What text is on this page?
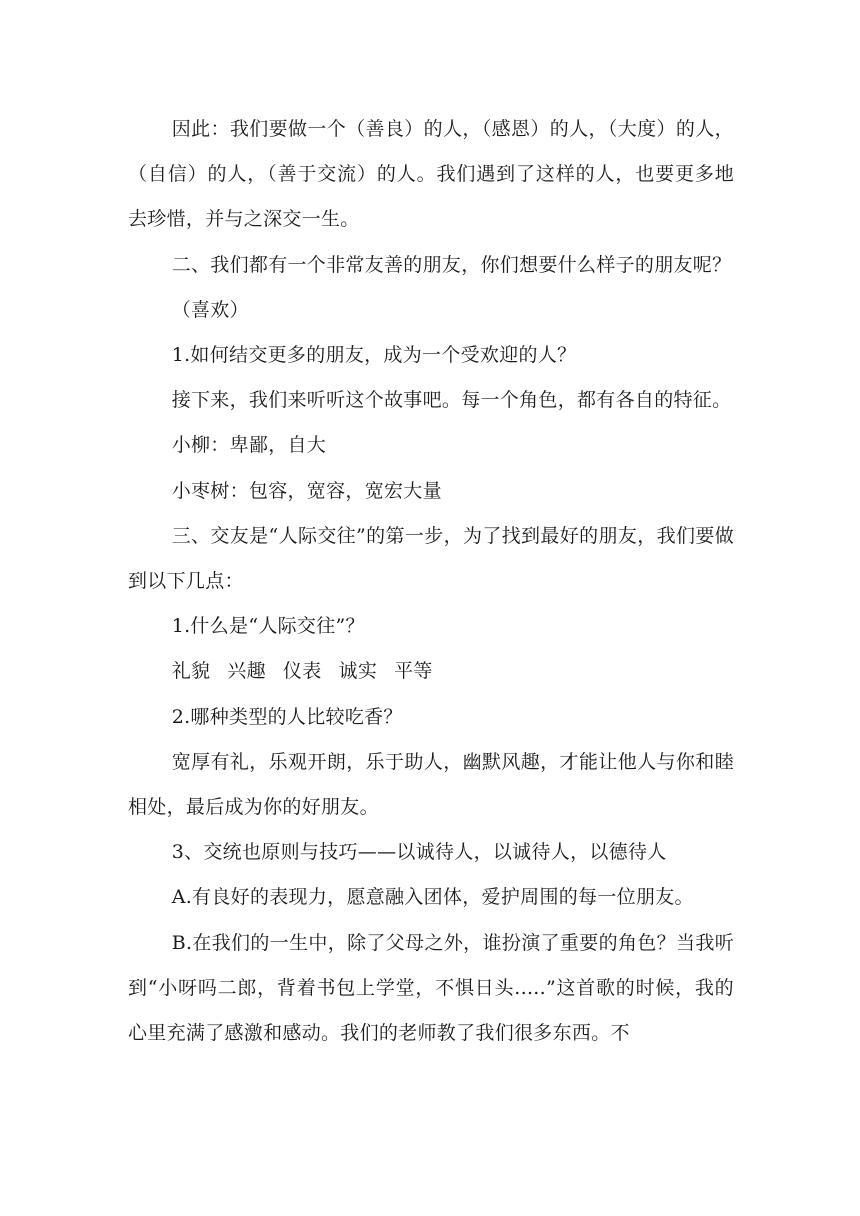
因此：我们要做一个（善良）的人，（感恩）的人，（大度）的人，（自信）的人，（善于交流）的人。我们遇到了这样的人，也要更多地去珍惜，并与之深交一生。

二、我们都有一个非常友善的朋友，你们想要什么样子的朋友呢？

（喜欢）

1.如何结交更多的朋友，成为一个受欢迎的人？

接下来，我们来听听这个故事吧。每一个角色，都有各自的特征。

小柳：卑鄙，自大

小枣树：包容，宽容，宽宏大量

三、交友是“人际交往”的第一步，为了找到最好的朋友，我们要做到以下几点：

1.什么是“人际交往”？

礼貌 兴趣 仪表 诚实 平等

2.哪种类型的人比较吃香？

宽厚有礼，乐观开朗，乐于助人，幽默风趣，才能让他人与你和睦相处，最后成为你的好朋友。

3、交统也原则与技巧——以诚待人，以诚待人，以德待人

A.有良好的表现力，愿意融入团体，爱护周围的每一位朋友。

B.在我们的一生中，除了父母之外，谁扮演了重要的角色？当我听到“小呀吗二郎，背着书包上学堂，不惧日头.....”这首歌的时候，我的心里充满了感激和感动。我们的老师教了我们很多东西。不
